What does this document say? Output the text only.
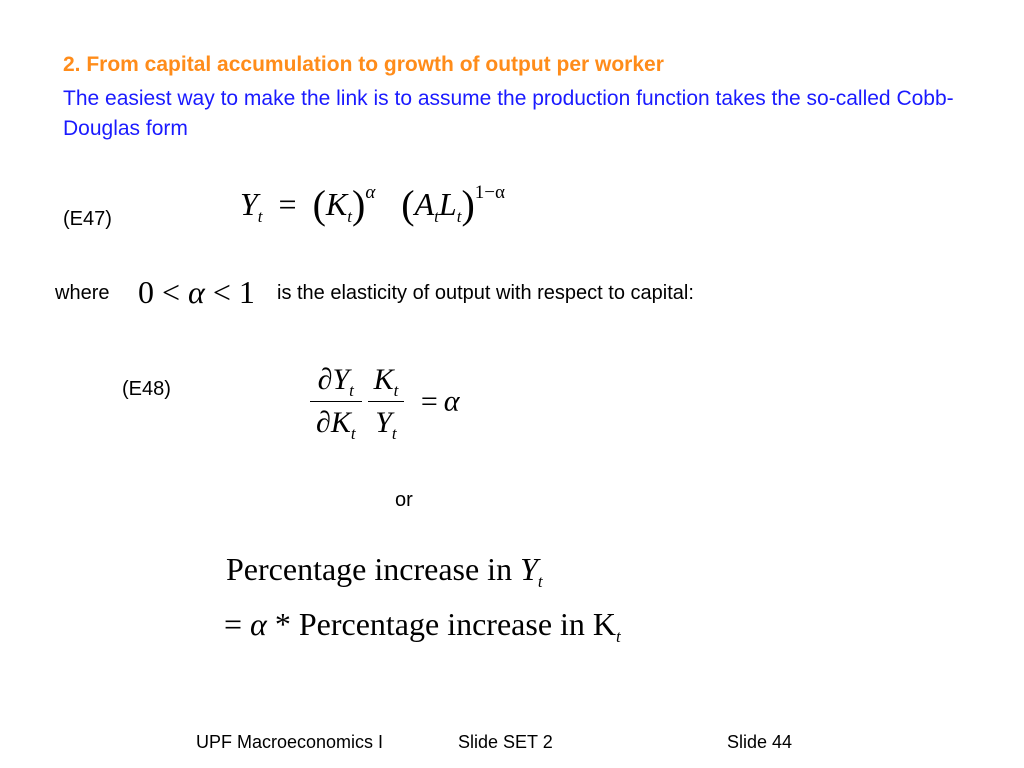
2. From capital accumulation to growth of output per worker
The easiest way to make the link is to assume the production function takes the so-called Cobb-Douglas form
(E47)	$Y_t = (K_t)^\alpha$ $(A_tL_t)^{1-\alpha}$
where 0 < α < 1 is the elasticity of output with respect to capital:
(E48)	$\frac{\partial Y_t}{\partial K_t} \frac{K_t}{Y_t} = \alpha$
or
Percentage increase in $Y_t$
= α * Percentage increase in $K_t$
UPF Macroeconomics I	Slide SET 2	Slide 44
